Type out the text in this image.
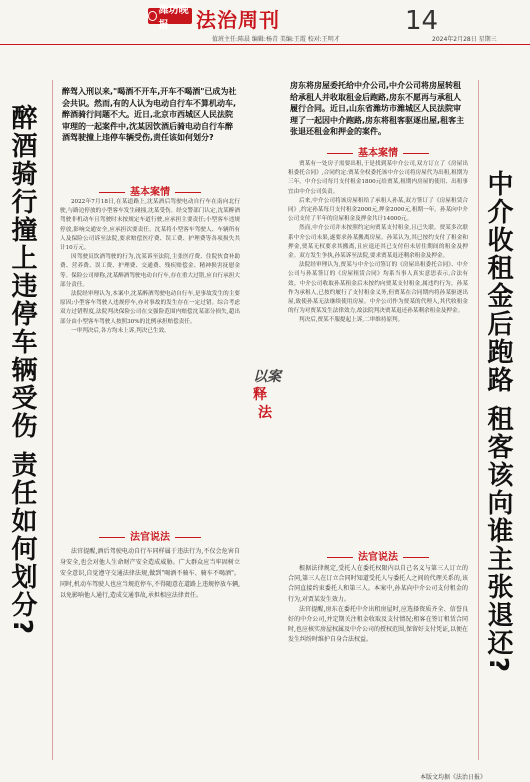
潍坊晚报	法治周刊	14
值班主任:陈晨 编辑:杨青 美编:王霞 校对:王明才	2024年2月28日 星期三
醉酒骑行撞上违停车辆受伤 责任如何划分?
醉驾入刑以来,"喝酒不开车,开车不喝酒"已成为社会共识。然而,有的人认为电动自行车不算机动车,醉酒骑行问题不大。近日,北京市西城区人民法院审理的一起案件中,沈某因饮酒后骑电动自行车醉酒驾驶撞上违停车辆受伤,责任该如何划分?
基本案情

2022年7月18日,在某道路上,沈某酒后驾驶电动自行车在南向北行驶,与路边停放的小型客车发生碰撞,沈某受伤。经交警部门认定,沈某醉酒驾驶非机动车且驾驶时未按规定车道行驶,应承担主要责任;小型客车违规停放,影响交通安全,应承担次要责任。沈某将小型客车驾驶人、车辆所有人及保险公司诉至法院,要求赔偿医疗费、误工费、护理费等各项损失共计10万元。

因驾驶员饮酒驾驶的行为,沈某诉至法院,主张医疗费、住院伙食补助费、营养费、误工费、护理费、交通费、残疾赔偿金、精神损害抚慰金等。保险公司辩称,沈某醉酒驾驶电动自行车,存在重大过错,应自行承担大部分责任。

法院经审理认为,本案中,沈某醉酒驾驶电动自行车,是事故发生的主要原因;小型客车驾驶人违规停车,亦对事故的发生存在一定过错。综合考虑双方过错程度,法院判决保险公司在交强险范围内赔偿沈某部分损失,超出部分由小型客车驾驶人按照30%的比例承担赔偿责任。

一审判决后,各方均未上诉,判决已生效。

法官说法

法官提醒,酒后驾驶电动自行车同样属于违法行为,不仅会危害自身安全,也会对他人生命财产安全造成威胁。广大群众应当牢固树立安全意识,自觉遵守交通法律法规,做到"喝酒不骑车、骑车不喝酒"。同时,机动车驾驶人也应当规范停车,不得随意在道路上违规停放车辆,以免影响他人通行,造成交通事故,承担相应法律责任。

以案
释
法
房东将房屋委托给中介公司,中介公司将房屋转租给承租人并收取租金后跑路,房东不愿再与承租人履行合同。近日,山东省潍坊市潍城区人民法院审理了一起因中介跑路,房东将租客驱逐出屋,租客主张退还租金和押金的案件。
基本案情

贾某有一处房子需要出租,于是找到某中介公司,双方订立了《房屋出租委托合同》,合同约定:贾某全权委托该中介公司将房屋代为出租,租期为三年。中介公司每月支付租金1800元给贾某,租期内房屋的使用、出租事宜由中介公司负责。

后来,中介公司将该房屋租给了承租人孙某,双方签订了《房屋租赁合同》,约定孙某每月支付租金2000元,押金2000元,租期一年。孙某向中介公司支付了半年的房屋租金及押金共计14000元。

然而,中介公司并未按照约定向贾某支付租金,且已失联。贾某多次联系中介公司未果,遂要求孙某搬离房屋。孙某认为,其已按约支付了租金和押金,贾某无权要求其搬离,且应退还其已支付但未居住期间的租金及押金。双方发生争执,孙某诉至法院,要求贾某退还剩余租金及押金。

法院经审理认为,贾某与中介公司签订的《房屋出租委托合同》、中介公司与孙某签订的《房屋租赁合同》均系当事人真实意思表示,合法有效。中介公司收取孙某租金后未按约向贾某支付租金,属违约行为。孙某作为承租人,已按约履行了支付租金义务,但贾某在合同期内将孙某驱逐出屋,致使孙某无法继续使用房屋。中介公司作为贾某的代理人,其代收租金的行为对贾某发生法律效力,故法院判决贾某退还孙某剩余租金及押金。

判决后,贾某不服提起上诉,二审维持原判。

法官说法

根据法律规定,受托人在委托权限内以自己名义与第三人订立的合同,第三人在订立合同时知道受托人与委托人之间的代理关系的,该合同直接约束委托人和第三人。本案中,孙某向中介公司支付租金的行为,对贾某发生效力。

法官提醒,房东在委托中介出租房屋时,应选择资质齐全、信誉良好的中介公司,并定期关注租金收取及支付情况;租客在签订租赁合同时,也应核实房屋权属及中介公司的授权范围,保留好支付凭证,以便在发生纠纷时维护自身合法权益。	中介收租金后跑路 租客该向谁主张退还?
本版文均据《法治日报》
